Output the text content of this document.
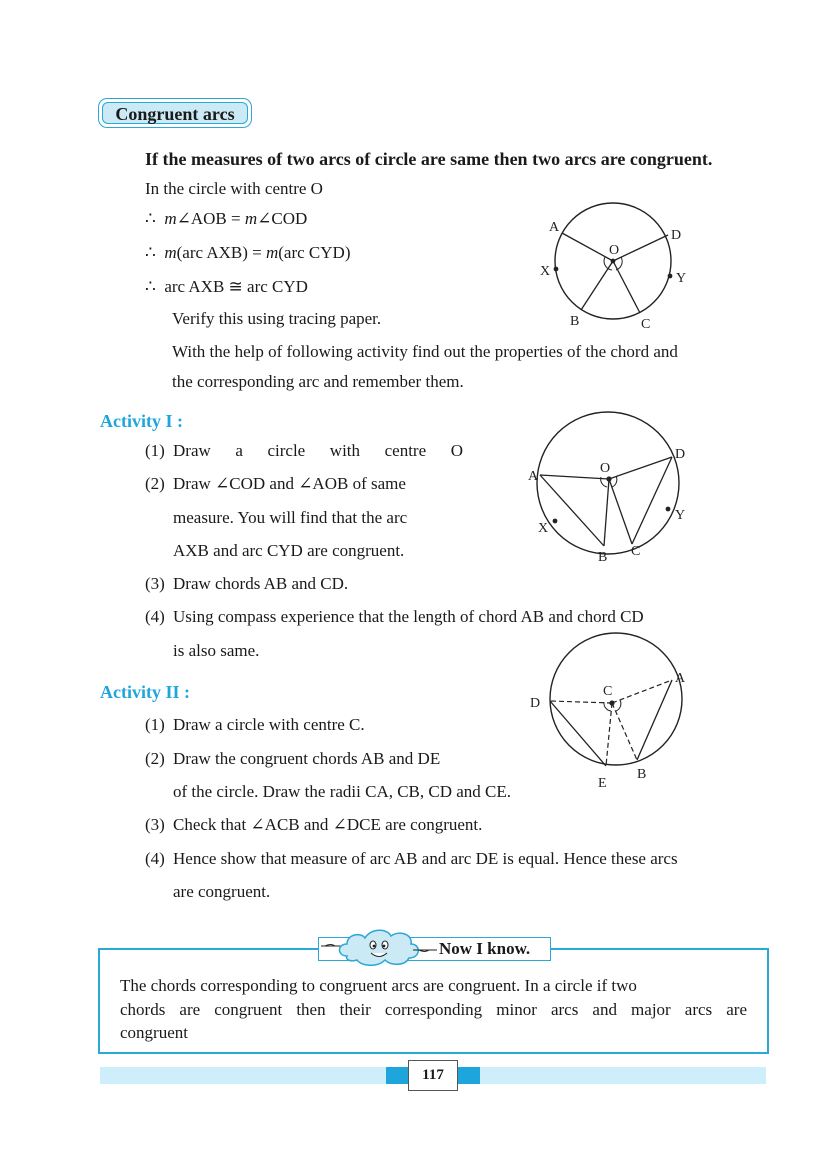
Congruent arcs
If the measures of two arcs of circle are same then two arcs are congruent.
In the circle with centre O
∴ m∠AOB = m∠COD
∴ m(arc AXB) = m(arc CYD)
∴ arc AXB ≅ arc CYD
Verify this using tracing paper.
With the help of following activity find out the properties of the chord and
the corresponding arc and remember them.
A
O
D
X	Y
B	C
Activity I :
(1) Draw a circle with centre O
(2) Draw ∠COD and ∠AOB of same
measure. You will find that the arc
AXB and arc CYD are congruent.
(3) Draw chords AB and CD.
(4) Using compass experience that the length of chord AB and chord CD
is also same.
A
O
D
X
Y
B C
Activity II :
(1) Draw a circle with centre C.
(2) Draw the congruent chords AB and DE
of the circle. Draw the radii CA, CB, CD and CE.
(3) Check that ∠ACB and ∠DCE are congruent.
(4) Hence show that measure of arc AB and arc DE is equal. Hence these arcs
are congruent.
A
C
D
E
B
Now I know.
The chords corresponding to congruent arcs are congruent. In a circle if two
chords are congruent then their corresponding minor arcs and major arcs are
congruent
117
